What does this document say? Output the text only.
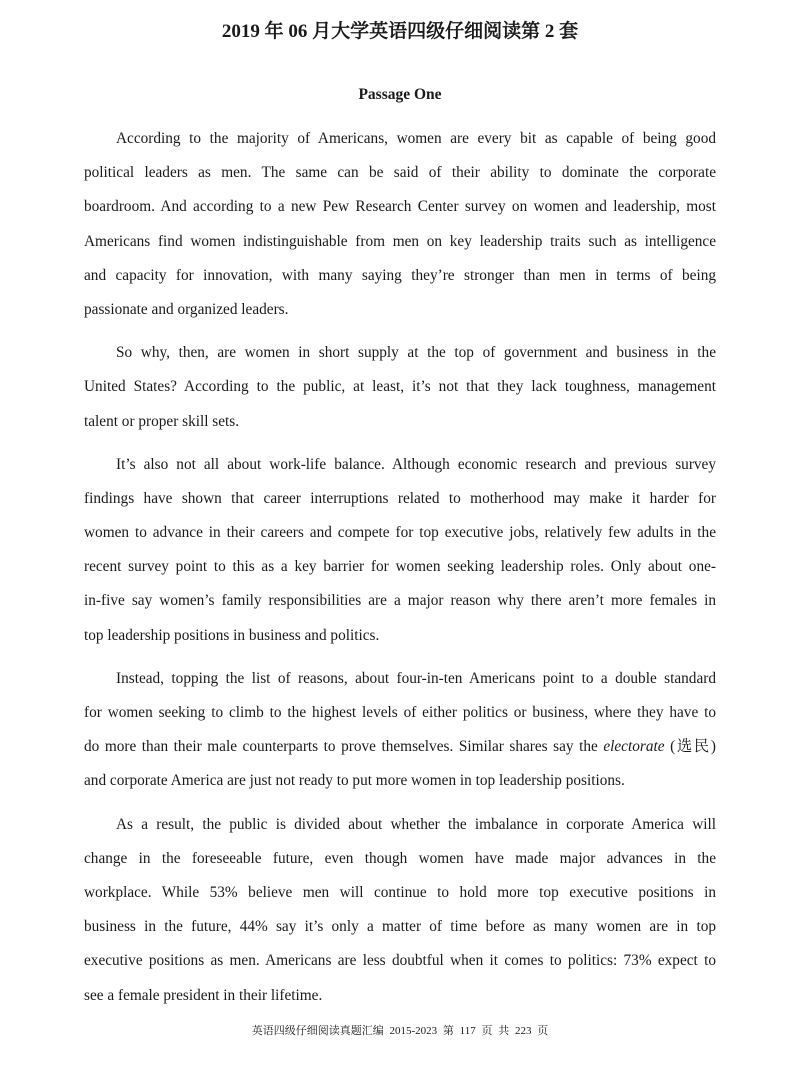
2019 年 06 月大学英语四级仔细阅读第 2 套
Passage One
According to the majority of Americans, women are every bit as capable of being good
political leaders as men. The same can be said of their ability to dominate the corporate
boardroom. And according to a new Pew Research Center survey on women and leadership, most
Americans find women indistinguishable from men on key leadership traits such as intelligence
and capacity for innovation, with many saying they’re stronger than men in terms of being
passionate and organized leaders.
So why, then, are women in short supply at the top of government and business in the
United States? According to the public, at least, it’s not that they lack toughness, management
talent or proper skill sets.
It’s also not all about work-life balance. Although economic research and previous survey
findings have shown that career interruptions related to motherhood may make it harder for
women to advance in their careers and compete for top executive jobs, relatively few adults in the
recent survey point to this as a key barrier for women seeking leadership roles. Only about one-
in-five say women’s family responsibilities are a major reason why there aren’t more females in
top leadership positions in business and politics.
Instead, topping the list of reasons, about four-in-ten Americans point to a double standard
for women seeking to climb to the highest levels of either politics or business, where they have to
do more than their male counterparts to prove themselves. Similar shares say the electorate (选民)
and corporate America are just not ready to put more women in top leadership positions.
As a result, the public is divided about whether the imbalance in corporate America will
change in the foreseeable future, even though women have made major advances in the
workplace. While 53% believe men will continue to hold more top executive positions in
business in the future, 44% say it’s only a matter of time before as many women are in top
executive positions as men. Americans are less doubtful when it comes to politics: 73% expect to
see a female president in their lifetime.
英语四级仔细阅读真题汇编 2015-2023 第 117 页 共 223 页
